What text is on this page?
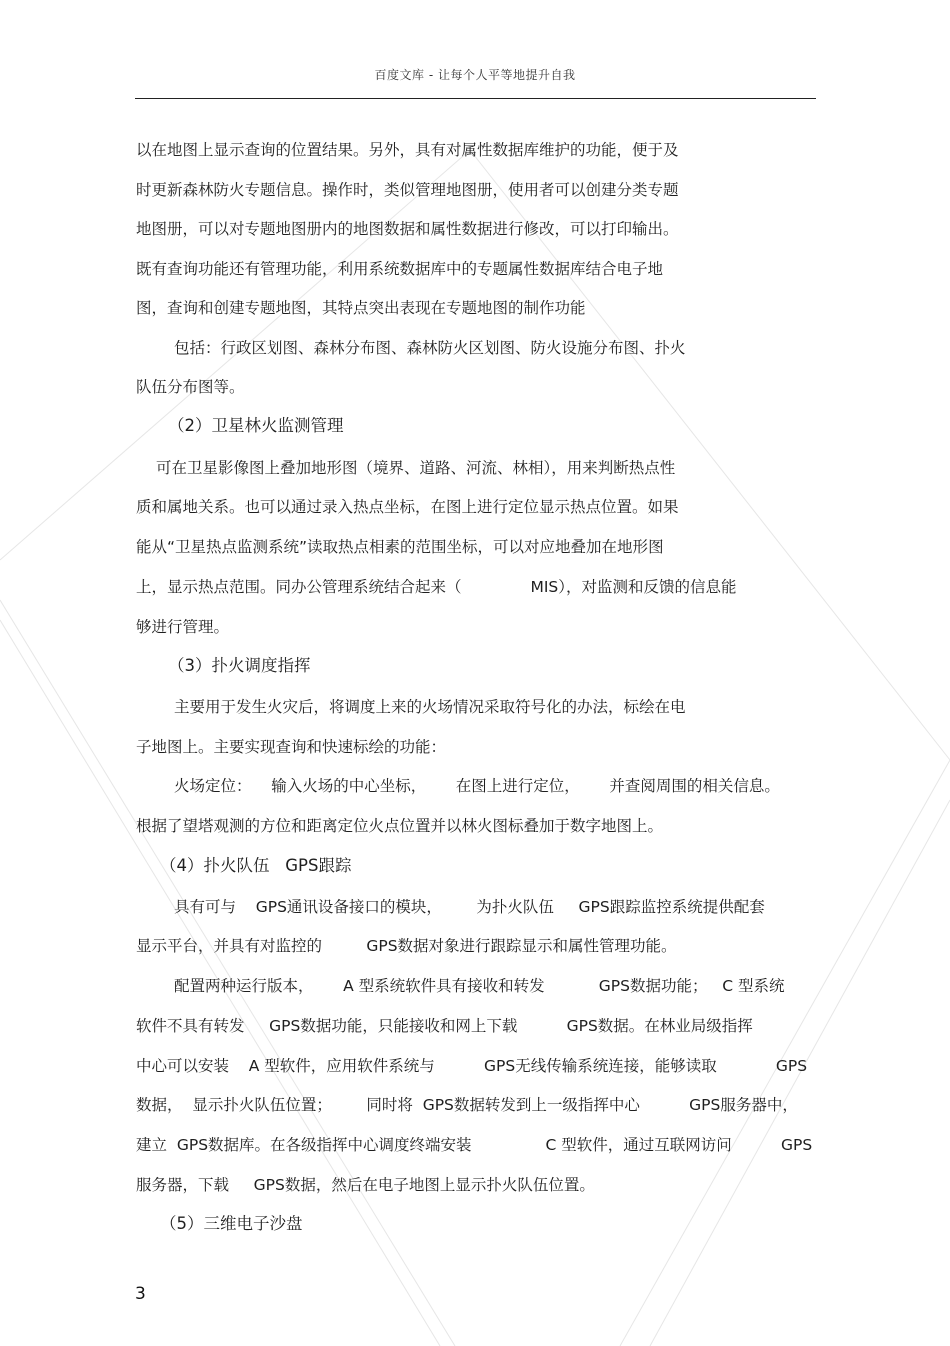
百度文库 - 让每个人平等地提升自我
以在地图上显示查询的位置结果。另外，具有对属性数据库维护的功能，便于及
时更新森林防火专题信息。操作时，类似管理地图册，使用者可以创建分类专题
地图册，可以对专题地图册内的地图数据和属性数据进行修改，可以打印输出。
既有查询功能还有管理功能，利用系统数据库中的专题属性数据库结合电子地
图，查询和创建专题地图，其特点突出表现在专题地图的制作功能
包括：行政区划图、森林分布图、森林防火区划图、防火设施分布图、扑火
队伍分布图等。
（2）卫星林火监测管理
可在卫星影像图上叠加地形图（境界、道路、河流、林相），用来判断热点性
质和属地关系。也可以通过录入热点坐标，在图上进行定位显示热点位置。如果
能从“卫星热点监测系统”读取热点相素的范围坐标，可以对应地叠加在地形图
上，显示热点范围。同办公管理系统结合起来（              MIS），对监测和反馈的信息能
够进行管理。
（3）扑火调度指挥
主要用于发生火灾后，将调度上来的火场情况采取符号化的办法，标绘在电
子地图上。主要实现查询和快速标绘的功能：
火场定位：    输入火场的中心坐标，      在图上进行定位，      并查阅周围的相关信息。
根据了望塔观测的方位和距离定位火点位置并以林火图标叠加于数字地图上。
（4）扑火队伍   GPS跟踪
具有可与    GPS通讯设备接口的模块，       为扑火队伍     GPS跟踪监控系统提供配套
显示平台，并具有对监控的         GPS数据对象进行跟踪显示和属性管理功能。
配置两种运行版本，      A 型系统软件具有接收和转发           GPS数据功能；   C 型系统
软件不具有转发     GPS数据功能，只能接收和网上下载          GPS数据。在林业局级指挥
中心可以安装    A 型软件，应用软件系统与          GPS无线传输系统连接，能够读取            GPS
数据，  显示扑火队伍位置；       同时将  GPS数据转发到上一级指挥中心          GPS服务器中，
建立  GPS数据库。在各级指挥中心调度终端安装               C 型软件，通过互联网访问          GPS
服务器，下载     GPS数据，然后在电子地图上显示扑火队伍位置。
（5）三维电子沙盘
3
